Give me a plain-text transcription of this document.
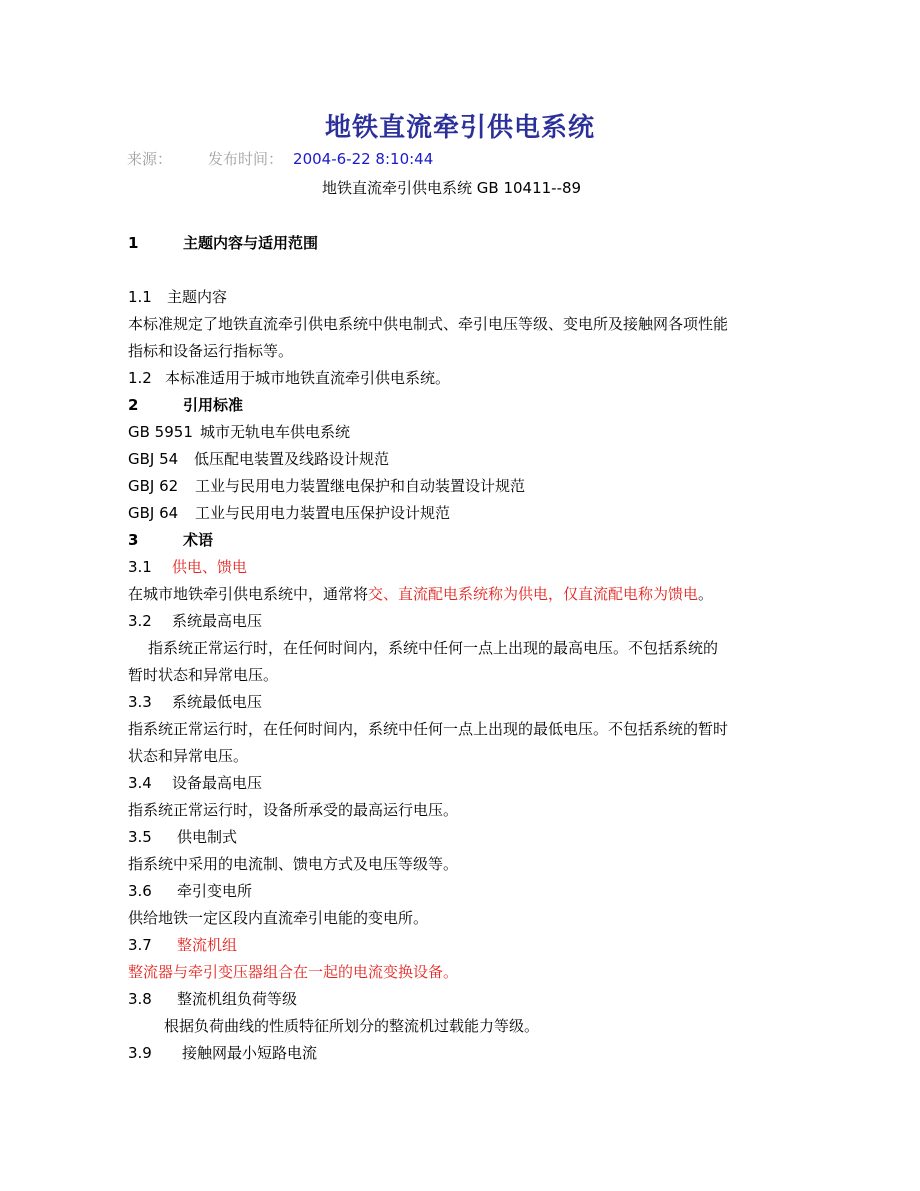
地铁直流牵引供电系统
来源： 发布时间： 2004-6-22 8:10:44
地铁直流牵引供电系统 GB 10411--89
1	主题内容与适用范围
1.1 主题内容
本标准规定了地铁直流牵引供电系统中供电制式、牵引电压等级、变电所及接触网各项性能
指标和设备运行指标等。
1.2 本标准适用于城市地铁直流牵引供电系统。
2	引用标准
GB 5951 城市无轨电车供电系统
GBJ 54 低压配电装置及线路设计规范
GBJ 62 工业与民用电力装置继电保护和自动装置设计规范
GBJ 64 工业与民用电力装置电压保护设计规范
3	术语
3.1 供电、馈电
在城市地铁牵引供电系统中，通常将交、直流配电系统称为供电，仅直流配电称为馈电。
3.2 系统最高电压
指系统正常运行时，在任何时间内，系统中任何一点上出现的最高电压。不包括系统的
暂时状态和异常电压。
3.3 系统最低电压
指系统正常运行时，在任何时间内，系统中任何一点上出现的最低电压。不包括系统的暂时
状态和异常电压。
3.4 设备最高电压
指系统正常运行时，设备所承受的最高运行电压。
3.5 供电制式
指系统中采用的电流制、馈电方式及电压等级等。
3.6 牵引变电所
供给地铁一定区段内直流牵引电能的变电所。
3.7 整流机组
整流器与牵引变压器组合在一起的电流变换设备。
3.8 整流机组负荷等级
根据负荷曲线的性质特征所划分的整流机过载能力等级。
3.9 接触网最小短路电流
